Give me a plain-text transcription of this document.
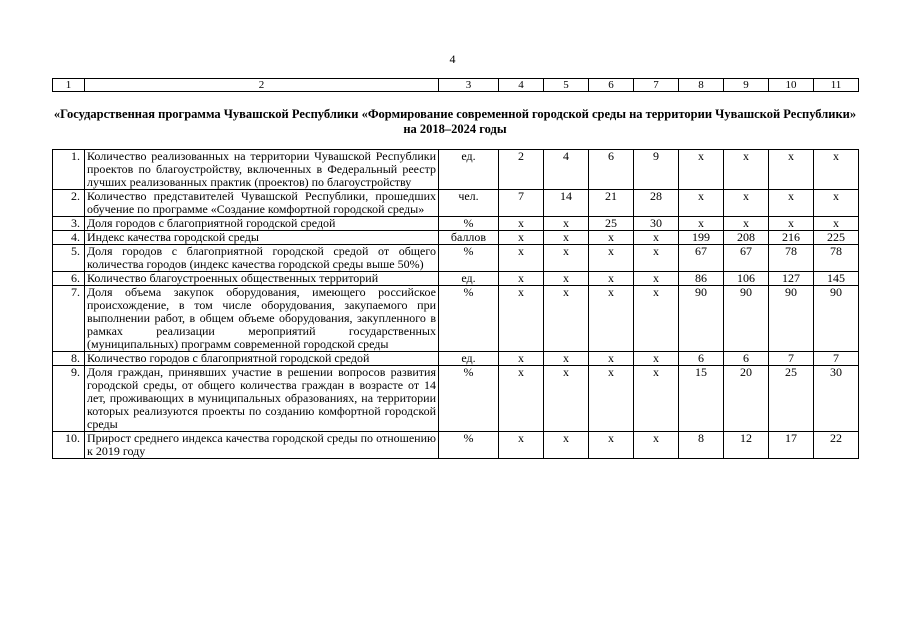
4
1	2	3	4	5	6	7	8	9	10	11
«Государственная программа Чувашской Республики «Формирование современной городской среды на территории Чувашской Республики» на 2018–2024 годы
1.	Количество реализованных на территории Чувашской Республики проектов по благоустройству, включенных в Федеральный реестр лучших реализованных практик (проектов) по благоустройству	ед.	2	4	6	9	х	х	х	х
2.	Количество представителей Чувашской Республики, прошедших обучение по программе «Создание комфортной городской среды»	чел.	7	14	21	28	х	х	х	х
3.	Доля городов с благоприятной городской средой	%	х	х	25	30	х	х	х	х
4.	Индекс качества городской среды	баллов	х	х	х	х	199	208	216	225
5.	Доля городов с благоприятной городской средой от общего количества городов (индекс качества городской среды выше 50%)	%	х	х	х	х	67	67	78	78
6.	Количество благоустроенных общественных территорий	ед.	х	х	х	х	86	106	127	145
7.	Доля объема закупок оборудования, имеющего российское происхождение, в том числе оборудования, закупаемого при выполнении работ, в общем объеме оборудования, закупленного в рамках реализации мероприятий государственных (муниципальных) программ современной городской среды	%	х	х	х	х	90	90	90	90
8.	Количество городов с благоприятной городской средой	ед.	х	х	х	х	6	6	7	7
9.	Доля граждан, принявших участие в решении вопросов развития городской среды, от общего количества граждан в возрасте от 14 лет, проживающих в муниципальных образованиях, на территории которых реализуются проекты по созданию комфортной городской среды	%	х	х	х	х	15	20	25	30
10.	Прирост среднего индекса качества городской среды по отношению к 2019 году	%	х	х	х	х	8	12	17	22
